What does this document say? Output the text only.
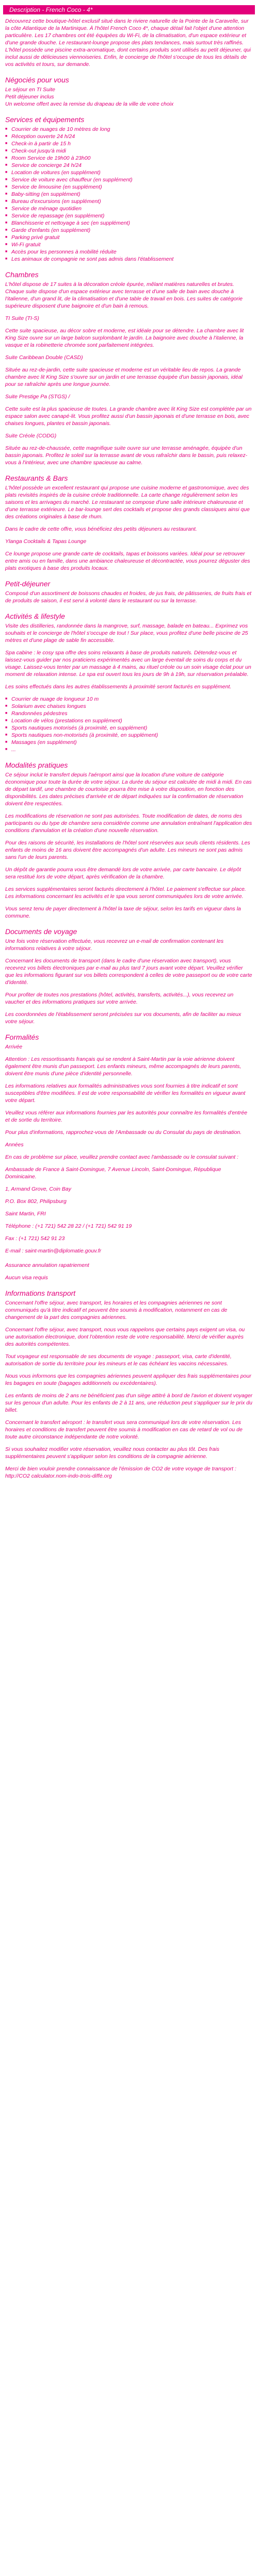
Description - French Coco - 4*

Découvrez cette boutique-hôtel exclusif situé dans le riviere naturelle de la Pointe de la Caravelle, sur la côte Atlantique de la Martinique. À l'hôtel French Coco 4*, chaque détail fait l'objet d'une attention particulière. Les 17 chambres ont été équipées du Wi-Fi, de la climatisation, d'un espace extérieur et d'une grande douche. Le restaurant-lounge propose des plats tendances, mais surtout très raffinés. L'hôtel possède une piscine extra-aromatique, dont certains produits sont utilisés au petit déjeuner, qui inclut aussi de délicieuses viennoiseries. Enfin, le concierge de l'hôtel s'occupe de tous les détails de vos activités et tours, sur demande.

Négociés pour vous
Le séjour en TI Suite
Petit déjeuner inclus
Un welcome offert avec la remise du drapeau de la ville de votre choix
Services et équipements
■ Courrier de nuages de 10 mètres de long
■ Réception ouverte 24 h/24
■ Check-in à partir de 15 h
■ Check-out jusqu'à midi
■ Room Service de 19h00 à 23h00
■ Service de concierge 24 h/24
■ Location de voitures (en supplément)
■ Service de voiture avec chauffeur (en supplément)
■ Service de limousine (en supplément)
■ Baby-sitting (en supplément)
■ Bureau d'excursions (en supplément)
■ Service de ménage quotidien
■ Service de repassage (en supplément)
■ Blanchisserie et nettoyage à sec (en supplément)
■ Garde d'enfants (en supplément)
■ Parking privé gratuit
■ Wi-Fi gratuit
■ Accès pour les personnes à mobilité réduite
■ Les animaux de compagnie ne sont pas admis dans l'établissement
Chambres

L'hôtel dispose de 17 suites à la décoration créole épurée, mêlant matières naturelles et brutes. Chaque suite dispose d'un espace extérieur avec terrasse et d'une salle de bain avec douche à l'italienne, d'un grand lit, de la climatisation et d'une table de travail en bois. Les suites de catégorie supérieure disposent d'une baignoire et d'un bain à remous.

TI Suite (TI-S)

Cette suite spacieuse, au décor sobre et moderne, est idéale pour se détendre. La chambre avec lit King Size ouvre sur un large balcon surplombant le jardin. La baignoire avec douche à l'italienne, la vasque et la robinetterie chromée sont parfaitement intégrées.

Suite Caribbean Double (CASD)

Située au rez-de-jardin, cette suite spacieuse et moderne est un véritable lieu de repos. La grande chambre avec lit King Size s'ouvre sur un jardin et une terrasse équipée d'un bassin japonais, idéal pour se rafraîchir après une longue journée.

Suite Prestige Pa (STGS) /

Cette suite est la plus spacieuse de toutes. La grande chambre avec lit King Size est complétée par un espace salon avec canapé-lit. Vous profitez aussi d'un bassin japonais et d'une terrasse en bois, avec chaises longues, plantes et bassin japonais.

Suite Créole (CODG)

Située au rez-de-chaussée, cette magnifique suite ouvre sur une terrasse aménagée, équipée d'un bassin japonais. Profitez le soleil sur la terrasse avant de vous rafraîchir dans le bassin, puis relaxez-vous à l'intérieur, avec une chambre spacieuse au calme.

Restaurants & Bars

L'hôtel possède un excellent restaurant qui propose une cuisine moderne et gastronomique, avec des plats revisités inspirés de la cuisine créole traditionnelle. La carte change régulièrement selon les saisons et les arrivages du marché. Le restaurant se compose d'une salle intérieure chaleureuse et d'une terrasse extérieure. Le bar-lounge sert des cocktails et propose des grands classiques ainsi que des créations originales à base de rhum.

Dans le cadre de cette offre, vous bénéficiez des petits déjeuners au restaurant.

Ylanga Cocktails & Tapas Lounge

Ce lounge propose une grande carte de cocktails, tapas et boissons variées. Idéal pour se retrouver entre amis ou en famille, dans une ambiance chaleureuse et décontractée, vous pourrez déguster des plats exotiques à base des produits locaux.

Petit-déjeuner

Composé d'un assortiment de boissons chaudes et froides, de jus frais, de pâtisseries, de fruits frais et de produits de saison, il est servi à volonté dans le restaurant ou sur la terrasse.

Activités & lifestyle

Visite des distilleries, randonnée dans la mangrove, surf, massage, balade en bateau... Exprimez vos souhaits et le concierge de l'hôtel s'occupe de tout ! Sur place, vous profitez d'une belle piscine de 25 mètres et d'une plage de sable fin accessible.

Spa cabine : le cosy spa offre des soins relaxants à base de produits naturels. Détendez-vous et laissez-vous guider par nos praticiens expérimentés avec un large éventail de soins du corps et du visage. Laissez-vous tenter par un massage à 4 mains, au rituel créole ou un soin visage éclat pour un moment de relaxation intense. Le spa est ouvert tous les jours de 9h à 19h, sur réservation préalable.

Les soins effectués dans les autres établissements à proximité seront facturés en supplément.

■ Courrier de nuage de longueur 10 m
■ Solarium avec chaises longues
■ Randonnées pédestres
■ Location de vélos (prestations en supplément)
■ Sports nautiques motorisés (à proximité, en supplément)
■ Sports nautiques non-motorisés (à proximité, en supplément)
■ Massages (en supplément)
■ ...
Modalités pratiques

Ce séjour inclut le transfert depuis l'aéroport ainsi que la location d'une voiture de catégorie économique pour toute la durée de votre séjour. La durée du séjour est calculée de midi à midi. En cas de départ tardif, une chambre de courtoisie pourra être mise à votre disposition, en fonction des disponibilités. Les dates précises d'arrivée et de départ indiquées sur la confirmation de réservation doivent être respectées.

Les modifications de réservation ne sont pas autorisées. Toute modification de dates, de noms des participants ou du type de chambre sera considérée comme une annulation entraînant l'application des conditions d'annulation et la création d'une nouvelle réservation.

Pour des raisons de sécurité, les installations de l'hôtel sont réservées aux seuls clients résidents. Les enfants de moins de 16 ans doivent être accompagnés d'un adulte. Les mineurs ne sont pas admis sans l'un de leurs parents.

Un dépôt de garantie pourra vous être demandé lors de votre arrivée, par carte bancaire. Le dépôt sera restitué lors de votre départ, après vérification de la chambre.

Les services supplémentaires seront facturés directement à l'hôtel. Le paiement s'effectue sur place. Les informations concernant les activités et le spa vous seront communiquées lors de votre arrivée.

Vous serez tenu de payer directement à l'hôtel la taxe de séjour, selon les tarifs en vigueur dans la commune.

Documents de voyage

Une fois votre réservation effectuée, vous recevrez un e-mail de confirmation contenant les informations relatives à votre séjour.

Concernant les documents de transport (dans le cadre d'une réservation avec transport), vous recevrez vos billets électroniques par e-mail au plus tard 7 jours avant votre départ. Veuillez vérifier que les informations figurant sur vos billets correspondent à celles de votre passeport ou de votre carte d'identité.

Pour profiter de toutes nos prestations (hôtel, activités, transferts, activités...), vous recevrez un vaucher et des informations pratiques sur votre arrivée.

Les coordonnées de l'établissement seront précisées sur vos documents, afin de faciliter au mieux votre séjour.

Formalités

Arrivée

Attention : Les ressortissants français qui se rendent à Saint-Martin par la voie aérienne doivent également être munis d'un passeport. Les enfants mineurs, même accompagnés de leurs parents, doivent être munis d'une pièce d'identité personnelle.

Les informations relatives aux formalités administratives vous sont fournies à titre indicatif et sont susceptibles d'être modifiées. Il est de votre responsabilité de vérifier les formalités en vigueur avant votre départ.

Veuillez vous référer aux informations fournies par les autorités pour connaître les formalités d'entrée et de sortie du territoire.

Pour plus d'informations, rapprochez-vous de l'Ambassade ou du Consulat du pays de destination.

Années

En cas de problème sur place, veuillez prendre contact avec l'ambassade ou le consulat suivant :

Ambassade de France à Saint-Domingue, 7 Avenue Lincoln, Saint-Domingue, République Dominicaine.

1, Armand Grove, Coin Bay

P.O. Box 802, Philipsburg

Saint Martin, FRI

Téléphone : (+1 721) 542 28 22 / (+1 721) 542 91 19

Fax : (+1 721) 542 91 23

E-mail : saint-martin@diplomatie.gouv.fr

Assurance annulation rapatriement

Aucun visa requis

Informations transport

Concernant l'offre séjour, avec transport, les horaires et les compagnies aériennes ne sont communiqués qu'à titre indicatif et peuvent être soumis à modification, notamment en cas de changement de la part des compagnies aériennes.

Concernant l'offre séjour, avec transport, nous vous rappelons que certains pays exigent un visa, ou une autorisation électronique, dont l'obtention reste de votre responsabilité. Merci de vérifier auprès des autorités compétentes.

Tout voyageur est responsable de ses documents de voyage : passeport, visa, carte d'identité, autorisation de sortie du territoire pour les mineurs et le cas échéant les vaccins nécessaires.

Nous vous informons que les compagnies aériennes peuvent appliquer des frais supplémentaires pour les bagages en soute (bagages additionnels ou excédentaires).

Les enfants de moins de 2 ans ne bénéficient pas d'un siège attitré à bord de l'avion et doivent voyager sur les genoux d'un adulte. Pour les enfants de 2 à 11 ans, une réduction peut s'appliquer sur le prix du billet.

Concernant le transfert aéroport : le transfert vous sera communiqué lors de votre réservation. Les horaires et conditions de transfert peuvent être soumis à modification en cas de retard de vol ou de toute autre circonstance indépendante de notre volonté.

Si vous souhaitez modifier votre réservation, veuillez nous contacter au plus tôt. Des frais supplémentaires peuvent s'appliquer selon les conditions de la compagnie aérienne.

Merci de bien vouloir prendre connaissance de l'émission de CO2 de votre voyage de transport : http://CO2 calculator.nom-indo-trois-diffé.org
